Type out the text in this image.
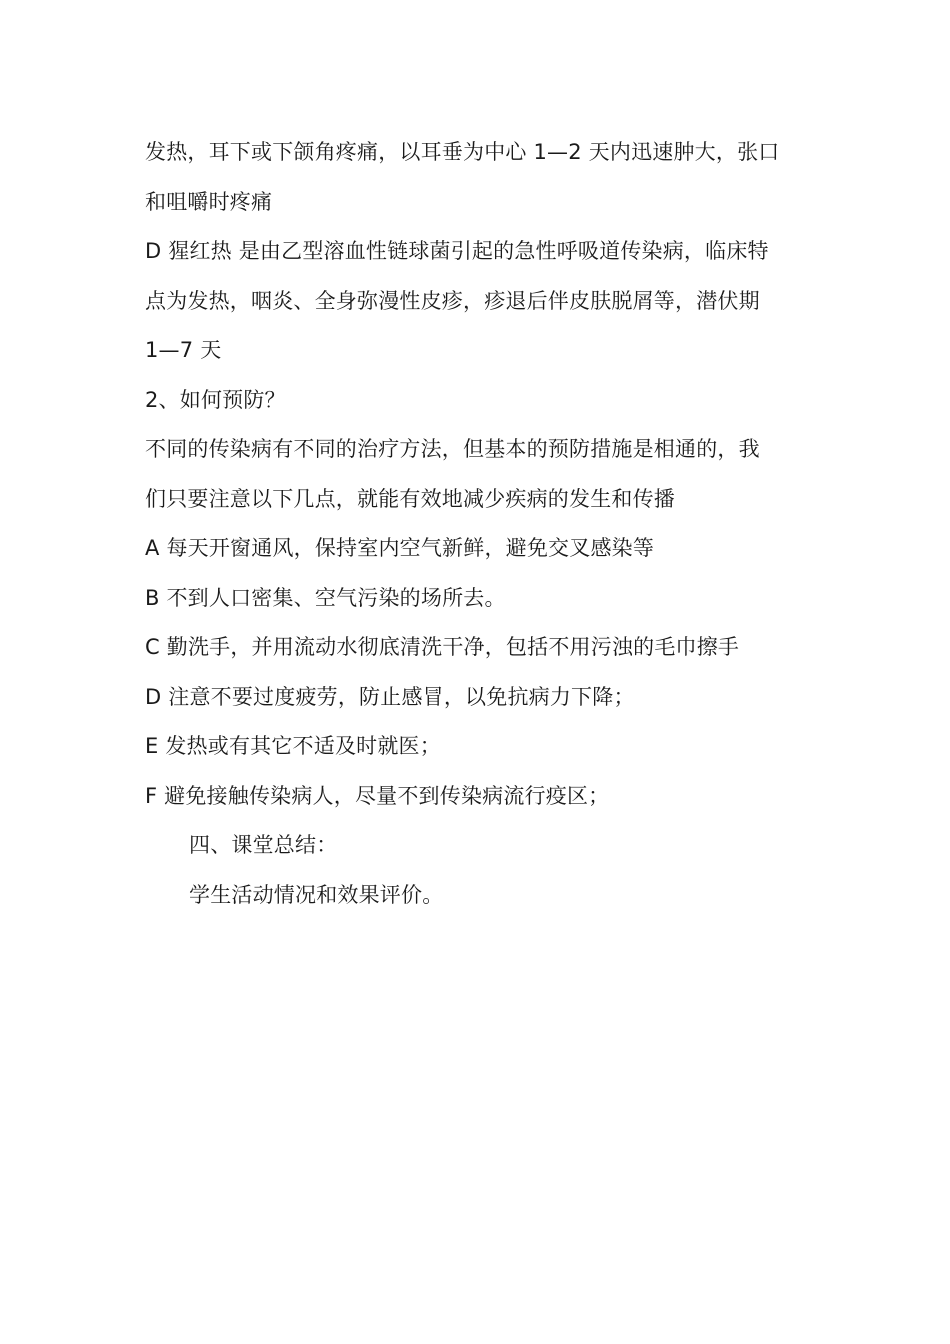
发热，耳下或下颌角疼痛，以耳垂为中心 1—2 天内迅速肿大，张口
和咀嚼时疼痛
D 猩红热 是由乙型溶血性链球菌引起的急性呼吸道传染病，临床特
点为发热，咽炎、全身弥漫性皮疹，疹退后伴皮肤脱屑等，潜伏期
1—7 天
2、如何预防？
不同的传染病有不同的治疗方法，但基本的预防措施是相通的，我
们只要注意以下几点，就能有效地减少疾病的发生和传播
A 每天开窗通风，保持室内空气新鲜，避免交叉感染等
B 不到人口密集、空气污染的场所去。
C 勤洗手，并用流动水彻底清洗干净，包括不用污浊的毛巾擦手
D 注意不要过度疲劳，防止感冒，以免抗病力下降；
E 发热或有其它不适及时就医；
F 避免接触传染病人，尽量不到传染病流行疫区；
四、课堂总结：
学生活动情况和效果评价。
